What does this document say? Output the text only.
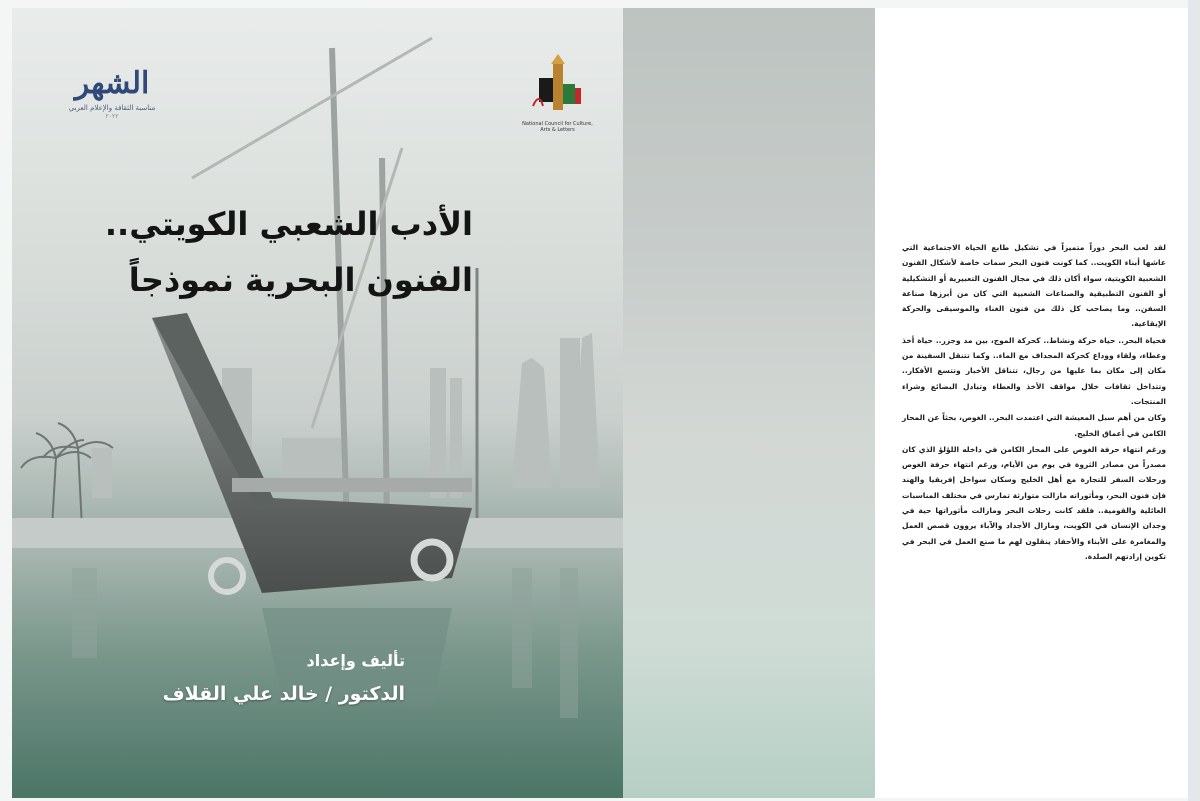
الشهر
مناسبة الثقافة والإعلام العربي
٢٠٢٢
National Council for Culture, Arts & Letters
الأدب الشعبي الكويتي..
الفنون البحرية نموذجاً
تأليف وإعداد
الدكتور / خالد علي القلاف

لقد لعب البحر دوراً متميزاً في تشكيل طابع الحياة الاجتماعية التي عاشها أبناء الكويت.. كما كونت فنون البحر سمات خاصة لأشكال الفنون الشعبية الكويتية، سواء أكان ذلك في مجال الفنون التعبيرية أو التشكيلية أو الفنون التطبيقية والصناعات الشعبية التي كان من أبرزها صناعة السفن.. وما يصاحب كل ذلك من فنون الغناء والموسيقى والحركة الإيقاعية.

فحياة البحر.. حياة حركة ونشاط.. كحركة الموج، بين مد وجزر.. حياة أخذ وعطاء، ولقاء ووداع كحركة المجداف مع الماء.. وكما تتنقل السفينة من مكان إلى مكان بما عليها من رجال، تتناقل الأخبار وتتسع الأفكار.. وتتداخل ثقافات خلال مواقف الأخذ والعطاء وتبادل البضائع وشراء المنتجات.

وكان من أهم سبل المعيشة التي اعتمدت البحر.. الغوص، بحثاً عن المحار الكامن في أعماق الخليج.

ورغم انتهاء حرفة الغوص على المحار الكامن في داخله اللؤلؤ الذي كان مصدراً من مصادر الثروة في يوم من الأيام، ورغم انتهاء حرفة الغوص ورحلات السفر للتجارة مع أهل الخليج وسكان سواحل إفريقيا والهند فإن فنون البحر، ومأثوراته مازالت متوارثة تمارس في مختلف المناسبات العائلية والقومية.. فلقد كانت رحلات البحر ومازالت مأثوراتها حية في وجدان الإنسان في الكويت، ومازال الأجداد والآباء يروون قصص العمل والمغامرة على الأبناء والأحفاد ينقلون لهم ما صنع العمل في البحر في تكوين إرادتهم الصلدة.
